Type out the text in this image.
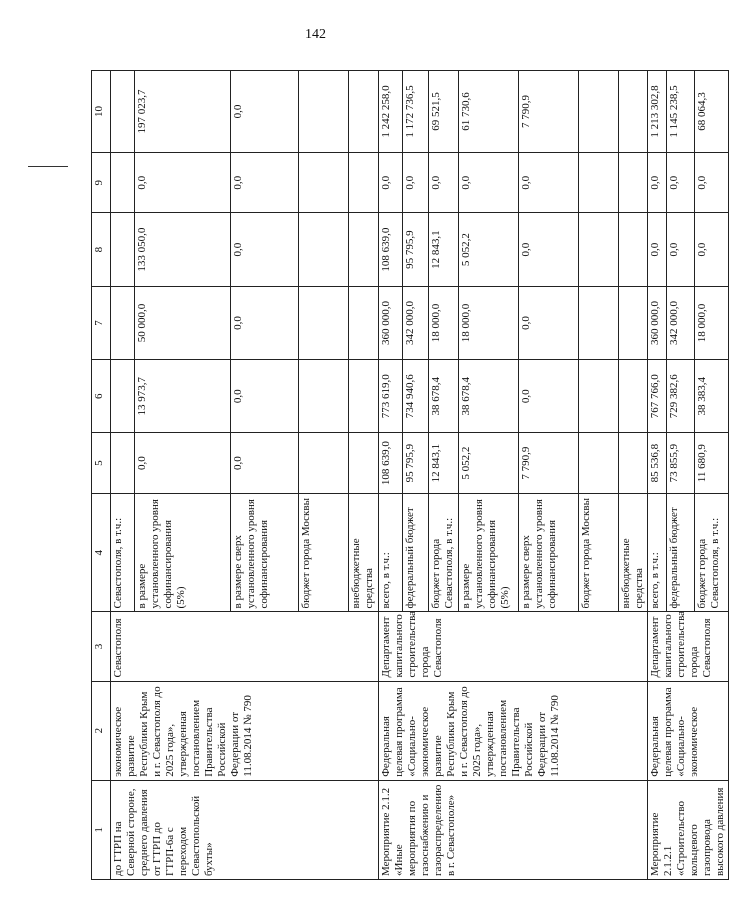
142
1	2	3	4	5	6	7	8	9	10
до ГТРП на Северной стороне, среднего давления от ГТРП до ГТРП-6а с переходом Севастопольской бухты»	экономическое развитие Республики Крым и г. Севастополя до 2025 года», утвержденная постановлением Правительства Российской Федерации от 11.08.2014 № 790	Севастополя	Севастополя, в т.ч.:						
			в размере установленного уровня софинансирования (5%)	0,0	13 973,7	50 000,0	133 050,0	0,0	197 023,7
			в размере сверх установленного уровня софинансирования	0,0	0,0	0,0	0,0	0,0	0,0
			бюджет города Москвы						
			внебюджетные средства						
Мероприятие 2.1.2 «Иные мероприятия по газоснабжению и газораспределению в г. Севастополе»	Федеральная целевая программа «Социально-экономическое развитие Республики Крым и г. Севастополя до 2025 года», утвержденная постановлением Правительства Российской Федерации от 11.08.2014 № 790	Департамент капитального строительства города Севастополя	всего, в т.ч.:	108 639,0	773 619,0	360 000,0	108 639,0	0,0	1 242 258,0
			федеральный бюджет	95 795,9	734 940,6	342 000,0	95 795,9	0,0	1 172 736,5
			бюджет города Севастополя, в т.ч.:	12 843,1	38 678,4	18 000,0	12 843,1	0,0	69 521,5
			в размере установленного уровня софинансирования (5%)	5 052,2	38 678,4	18 000,0	5 052,2	0,0	61 730,6
			в размере сверх установленного уровня софинансирования	7 790,9	0,0	0,0	0,0	0,0	7 790,9
			бюджет города Москвы						
			внебюджетные средства						
Мероприятие 2.1.2.1 «Строительство кольцевого газопровода высокого давления	Федеральная целевая программа «Социально-экономическое	Департамент капитального строительства города Севастополя	всего, в т.ч.:	85 536,8	767 766,0	360 000,0	0,0	0,0	1 213 302,8
			федеральный бюджет	73 855,9	729 382,6	342 000,0	0,0	0,0	1 145 238,5
			бюджет города Севастополя, в т.ч.:	11 680,9	38 383,4	18 000,0	0,0	0,0	68 064,3
